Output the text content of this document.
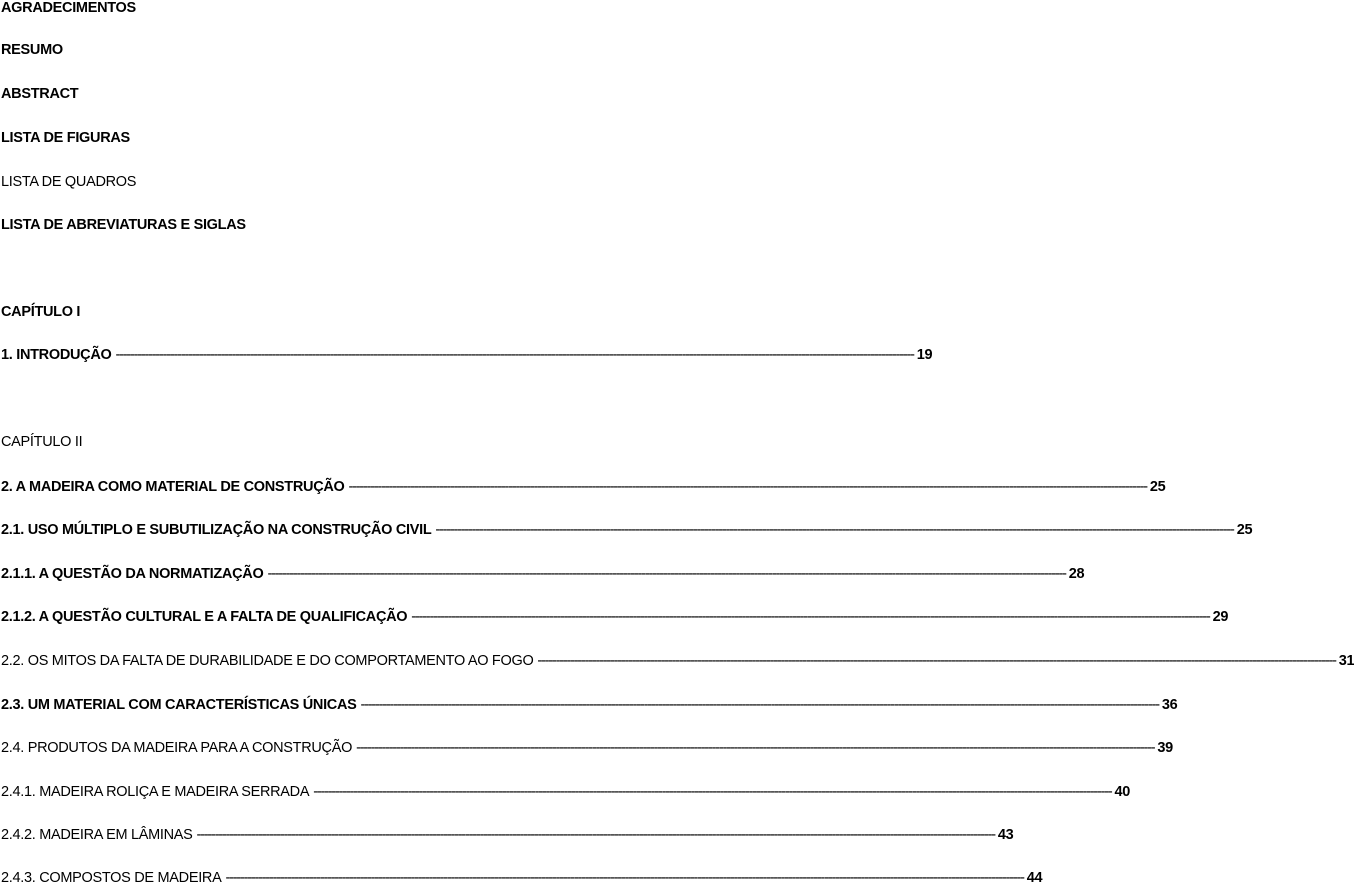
AGRADECIMENTOS
RESUMO
ABSTRACT
LISTA DE FIGURAS
LISTA DE QUADROS
LISTA DE ABREVIATURAS E SIGLAS
CAPÍTULO I
1. INTRODUÇÃO ---------------------------------------------------------------------------------------------------------------------------------------------------------------------------------------------------------------------------- 19
CAPÍTULO II
2. A MADEIRA COMO MATERIAL DE CONSTRUÇÃO ---------------------------------------------------------------------------------------------------------------------------------------------------------------------------------------------------------------------------- 25
2.1. USO MÚLTIPLO E SUBUTILIZAÇÃO NA CONSTRUÇÃO CIVIL ---------------------------------------------------------------------------------------------------------------------------------------------------------------------------------------------------------------------------- 25
2.1.1. A QUESTÃO DA NORMATIZAÇÃO ---------------------------------------------------------------------------------------------------------------------------------------------------------------------------------------------------------------------------- 28
2.1.2. A QUESTÃO CULTURAL E A FALTA DE QUALIFICAÇÃO ---------------------------------------------------------------------------------------------------------------------------------------------------------------------------------------------------------------------------- 29
2.2. OS MITOS DA FALTA DE DURABILIDADE E DO COMPORTAMENTO AO FOGO ---------------------------------------------------------------------------------------------------------------------------------------------------------------------------------------------------------------------------- 31
2.3. UM MATERIAL COM CARACTERÍSTICAS ÚNICAS ---------------------------------------------------------------------------------------------------------------------------------------------------------------------------------------------------------------------------- 36
2.4. PRODUTOS DA MADEIRA PARA A CONSTRUÇÃO ---------------------------------------------------------------------------------------------------------------------------------------------------------------------------------------------------------------------------- 39
2.4.1. MADEIRA ROLIÇA E MADEIRA SERRADA ---------------------------------------------------------------------------------------------------------------------------------------------------------------------------------------------------------------------------- 40
2.4.2. MADEIRA EM LÂMINAS ---------------------------------------------------------------------------------------------------------------------------------------------------------------------------------------------------------------------------- 43
2.4.3. COMPOSTOS DE MADEIRA ---------------------------------------------------------------------------------------------------------------------------------------------------------------------------------------------------------------------------- 44
